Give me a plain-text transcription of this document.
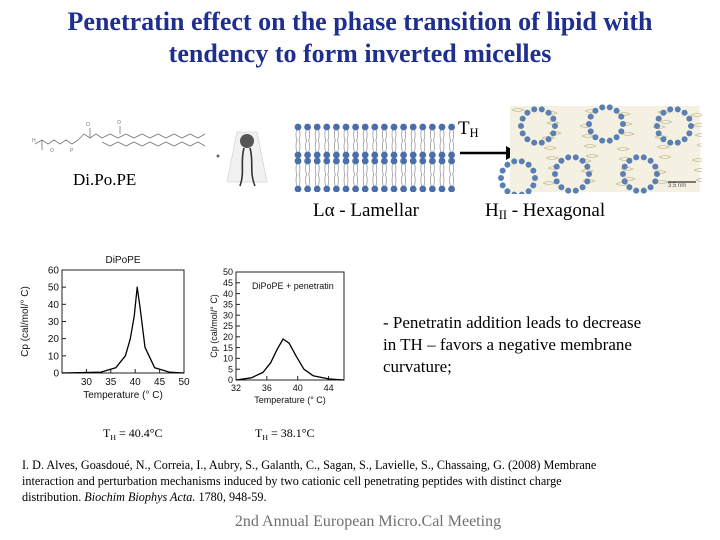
Penetratin effect on the phase transition of lipid with
tendency to form inverted micelles
H
O	P
O	O
Di.Po.PE
$T_H$
3.5 nm
Lα - Lamellar	$H_{II}$ - Hexagonal
30 35 40 45 50
0
10
20
30
40
50
60
DiPoPE
Temperature (° C)
Cp (cal/mol/° C)
32 36 40 44
0
5
10
15
20
25
30
35
40
45
50
DiPoPE + penetratin
Temperature (° C)
Cp (cal/mol/° C)
$T_H = 40.4^\circ C$	$T_H = 38.1^\circ C$
- Penetratin addition leads to decrease
in TH – favors a negative membrane
curvature;
I. D. Alves, Goasdoué, N., Correia, I., Aubry, S., Galanth, C., Sagan, S., Lavielle, S., Chassaing, G. (2008) Membrane
interaction and perturbation mechanisms induced by two cationic cell penetrating peptides with distinct charge
distribution. Biochim Biophys Acta. 1780, 948-59.
2nd Annual European Micro.Cal Meeting
